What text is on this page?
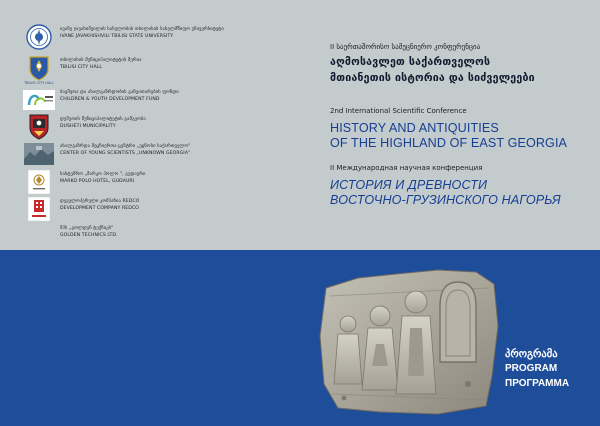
ივანე ჯავახიშვილის სახელობის თბილისის სახელმწიფო უნივერსიტეტი
IVANE JAVAKHISHVILI TBILISI STATE UNIVERSITY
TBILISI CITY HALL
თბილისის მუნიციპალიტეტის მერია
TBILISI CITY HALL
ბავშვთა და ახალგაზრდობის განვითარების ფონდი
CHILDREN & YOUTH DEVELOPMENT FUND
დუშეთის მუნიციპალიტეტის გამგეობა
DUSHETI MUNICIPALITY
ახალგაზრდა მეცნიერთა ცენტრი „უცნობი საქართველო"
CENTER OF YOUNG SCIENTISTS „UNKNOWN GEORGIA"
სასტუმრო „მარკო პოლო ", გუდაური
MARKO POLO HOTEL, GUDAURI
დეველოპერული კომპანია REDCO
DEVELOPMENT COMPANY REDCO
შპს „გოლდენ ტექნიკს"
GOLDEN TECHNICS LTD.
II საერთაშორისო სამეცნიერო კონფერენცია
აღმოსავლეთ საქართველოს
მთიანეთის ისტორია და სიძველეები
2nd International Scientific Conference
HISTORY AND ANTIQUITIES
OF THE HIGHLAND OF EAST GEORGIA
II Международная научная конференция
ИСТОРИЯ И ДРЕВНОСТИ
ВОСТОЧНО-ГРУЗИНСКОГО НАГОРЬЯ
პროგრამა
PROGRAM
ПРОГРАММА
